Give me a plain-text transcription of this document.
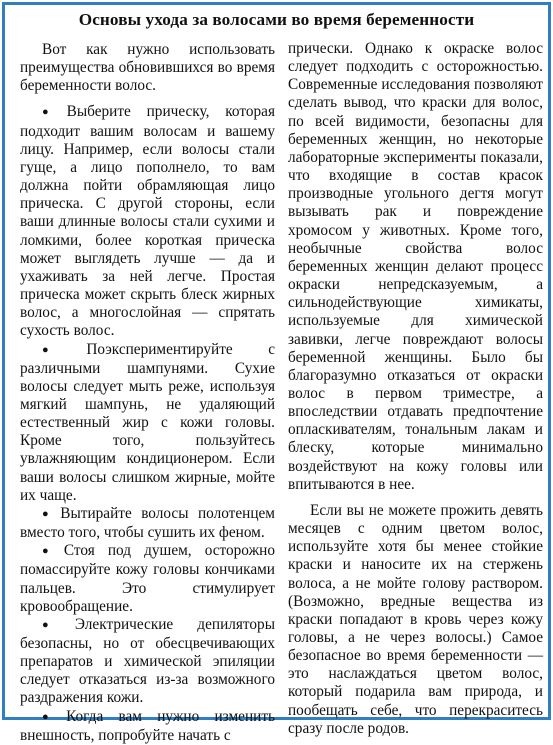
Основы ухода за волосами во время беременности

Вот как нужно использовать преимущества обновившихся во время беременности волос.

● Выберите прическу, которая подходит вашим волосам и вашему лицу. Например, если волосы стали гуще, а лицо пополнело, то вам должна пойти обрамляющая лицо прическа. С другой стороны, если ваши длинные волосы стали сухими и ломкими, более короткая прическа может выглядеть лучше — да и ухаживать за ней легче. Простая прическа может скрыть блеск жирных волос, а многослойная — спрятать сухость волос.

● Поэкспериментируйте с различными шампунями. Сухие волосы следует мыть реже, используя мягкий шампунь, не удаляющий естественный жир с кожи головы. Кроме того, пользуйтесь увлажняющим кондиционером. Если ваши волосы слишком жирные, мойте их чаще.

● Вытирайте волосы полотенцем вместо того, чтобы сушить их феном.

● Стоя под душем, осторожно помассируйте кожу головы кончиками пальцев. Это стимулирует кровообращение.

● Электрические депиляторы безопасны, но от обесцвечивающих препаратов и химической эпиляции следует отказаться из-за возможного раздражения кожи.

● Когда вам нужно изменить внешность, попробуйте начать с

прически. Однако к окраске волос следует подходить с осторожностью. Современные исследования позволяют сделать вывод, что краски для волос, по всей видимости, безопасны для беременных женщин, но некоторые лабораторные эксперименты показали, что входящие в состав красок производные угольного дегтя могут вызывать рак и повреждение хромосом у животных. Кроме того, необычные свойства волос беременных женщин делают процесс окраски непредсказуемым, а сильнодействующие химикаты, используемые для химической завивки, легче повреждают волосы беременной женщины. Было бы благоразумно отказаться от окраски волос в первом триместре, а впоследствии отдавать предпочтение опласкивателям, тональным лакам и блеску, которые минимально воздействуют на кожу головы или впитываются в нее.

Если вы не можете прожить девять месяцев с одним цветом волос, используйте хотя бы менее стойкие краски и наносите их на стержень волоса, а не мойте голову раствором. (Возможно, вредные вещества из краски попадают в кровь через кожу головы, а не через волосы.) Самое безопасное во время беременности — это наслаждаться цветом волос, который подарила вам природа, и пообещать себе, что перекраситесь сразу после родов.
